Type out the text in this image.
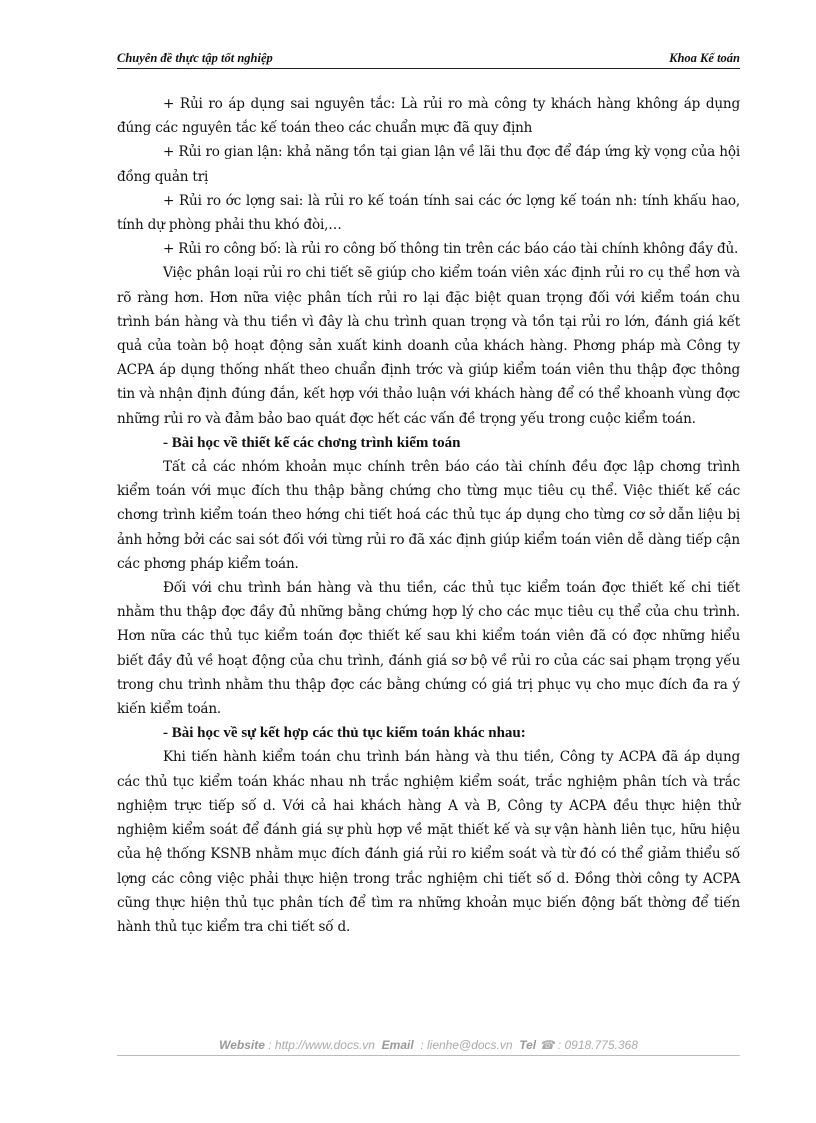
Chuyên đề thực tập tốt nghiệp	Khoa Kế toán

+ Rủi ro áp dụng sai nguyên tắc: Là rủi ro mà công ty khách hàng không áp dụng đúng các nguyên tắc kế toán theo các chuẩn mực đã quy định

+ Rủi ro gian lận: khả năng tồn tại gian lận về lãi thu đợc để đáp ứng kỳ vọng của hội đồng quản trị

+ Rủi ro ớc lợng sai: là rủi ro kế toán tính sai các ớc lợng kế toán nh: tính khấu hao, tính dự phòng phải thu khó đòi,…

+ Rủi ro công bố: là rủi ro công bố thông tin trên các báo cáo tài chính không đầy đủ.

Việc phân loại rủi ro chi tiết sẽ giúp cho kiểm toán viên xác định rủi ro cụ thể hơn và rõ ràng hơn. Hơn nữa việc phân tích rủi ro lại đặc biệt quan trọng đối với kiểm toán chu trình bán hàng và thu tiền vì đây là chu trình quan trọng và tồn tại rủi ro lớn, đánh giá kết quả của toàn bộ hoạt động sản xuất kinh doanh của khách hàng. Phơng pháp mà Công ty ACPA áp dụng thống nhất theo chuẩn định trớc và giúp kiểm toán viên thu thập đợc thông tin và nhận định đúng đắn, kết hợp với thảo luận với khách hàng để có thể khoanh vùng đợc những rủi ro và đảm bảo bao quát đợc hết các vấn đề trọng yếu trong cuộc kiểm toán.

- Bài học về thiết kế các chơng trình kiểm toán

Tất cả các nhóm khoản mục chính trên báo cáo tài chính đều đợc lập chơng trình kiểm toán với mục đích thu thập bằng chứng cho từng mục tiêu cụ thể. Việc thiết kế các chơng trình kiểm toán theo hớng chi tiết hoá các thủ tục áp dụng cho từng cơ sở dẫn liệu bị ảnh hởng bởi các sai sót đối với từng rủi ro đã xác định giúp kiểm toán viên dễ dàng tiếp cận các phơng pháp kiểm toán.

Đối với chu trình bán hàng và thu tiền, các thủ tục kiểm toán đợc thiết kế chi tiết nhằm thu thập đợc đầy đủ những bằng chứng hợp lý cho các mục tiêu cụ thể của chu trình. Hơn nữa các thủ tục kiểm toán đợc thiết kế sau khi kiểm toán viên đã có đợc những hiểu biết đầy đủ về hoạt động của chu trình, đánh giá sơ bộ về rủi ro của các sai phạm trọng yếu trong chu trình nhằm thu thập đợc các bằng chứng có giá trị phục vụ cho mục đích đa ra ý kiến kiểm toán.

- Bài học về sự kết hợp các thủ tục kiểm toán khác nhau:

Khi tiến hành kiểm toán chu trình bán hàng và thu tiền, Công ty ACPA đã áp dụng các thủ tục kiểm toán khác nhau nh trắc nghiệm kiểm soát, trắc nghiệm phân tích và trắc nghiệm trực tiếp số d. Với cả hai khách hàng A và B, Công ty ACPA đều thực hiện thử nghiệm kiểm soát để đánh giá sự phù hợp về mặt thiết kế và sự vận hành liên tục, hữu hiệu của hệ thống KSNB nhằm mục đích đánh giá rủi ro kiểm soát và từ đó có thể giảm thiểu số lợng các công việc phải thực hiện trong trắc nghiệm chi tiết số d. Đồng thời công ty ACPA cũng thực hiện thủ tục phân tích để tìm ra những khoản mục biến động bất thờng để tiến hành thủ tục kiểm tra chi tiết số d.

Website : http://www.docs.vn Email  : lienhe@docs.vn Tel ☎ : 0918.775.368
